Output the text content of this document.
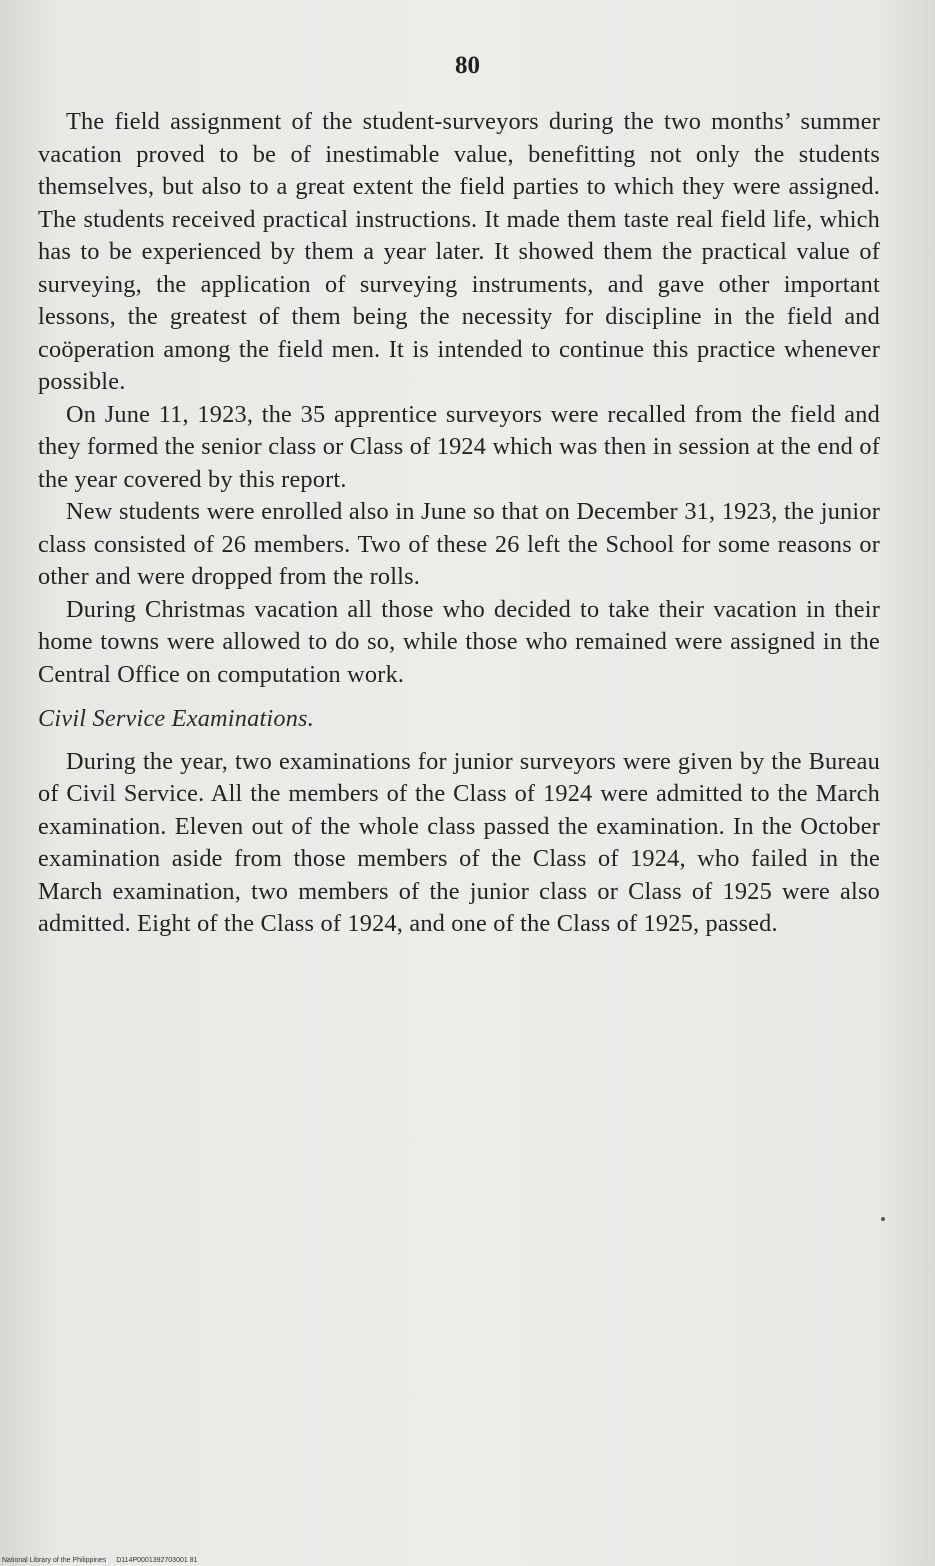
80

The field assignment of the student-surveyors during the two months’ summer vacation proved to be of inestimable value, benefitting not only the students themselves, but also to a great extent the field parties to which they were assigned. The students received practical instructions. It made them taste real field life, which has to be experienced by them a year later. It showed them the practical value of surveying, the application of surveying instruments, and gave other important lessons, the greatest of them being the necessity for discipline in the field and coöperation among the field men. It is intended to continue this practice whenever possible.

On June 11, 1923, the 35 apprentice surveyors were recalled from the field and they formed the senior class or Class of 1924 which was then in session at the end of the year covered by this report.

New students were enrolled also in June so that on December 31, 1923, the junior class consisted of 26 members. Two of these 26 left the School for some reasons or other and were dropped from the rolls.

During Christmas vacation all those who decided to take their vacation in their home towns were allowed to do so, while those who remained were assigned in the Central Office on computation work.

Civil Service Examinations.

During the year, two examinations for junior surveyors were given by the Bureau of Civil Service. All the members of the Class of 1924 were admitted to the March examination. Eleven out of the whole class passed the examination. In the October examination aside from those members of the Class of 1924, who failed in the March examination, two members of the junior class or Class of 1925 were also admitted. Eight of the Class of 1924, and one of the Class of 1925, passed.

National Library of the Philippines D114P0001392703001 81
